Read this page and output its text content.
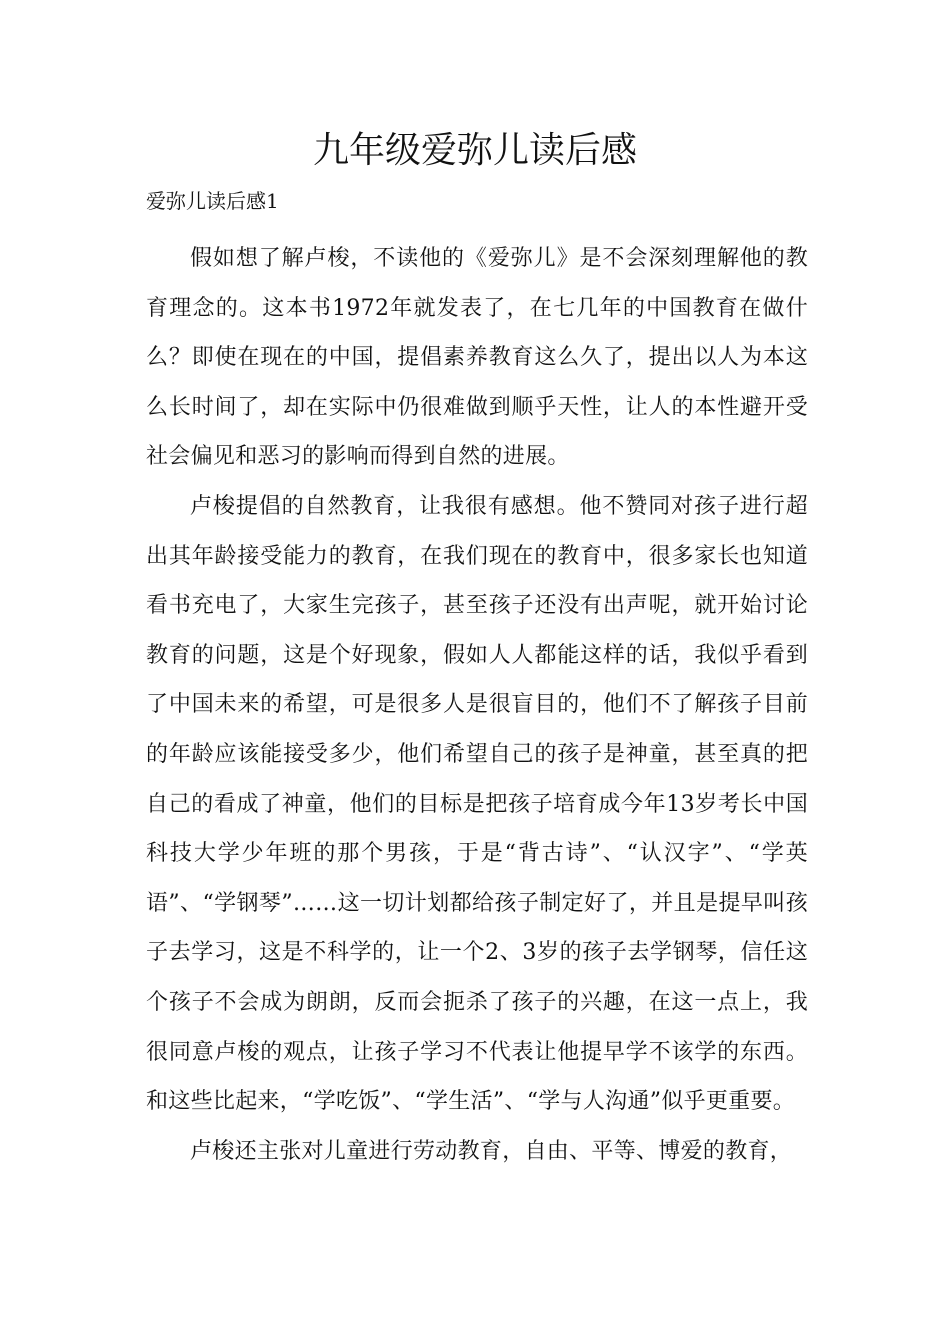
九年级爱弥儿读后感

爱弥儿读后感1

假如想了解卢梭，不读他的《爱弥儿》是不会深刻理解他的教育理念的。这本书1972年就发表了，在七几年的中国教育在做什么？即使在现在的中国，提倡素养教育这么久了，提出以人为本这么长时间了，却在实际中仍很难做到顺乎天性，让人的本性避开受社会偏见和恶习的影响而得到自然的进展。

卢梭提倡的自然教育，让我很有感想。他不赞同对孩子进行超出其年龄接受能力的教育，在我们现在的教育中，很多家长也知道看书充电了，大家生完孩子，甚至孩子还没有出声呢，就开始讨论教育的问题，这是个好现象，假如人人都能这样的话，我似乎看到了中国未来的希望，可是很多人是很盲目的，他们不了解孩子目前的年龄应该能接受多少，他们希望自己的孩子是神童，甚至真的把自己的看成了神童，他们的目标是把孩子培育成今年13岁考长中国科技大学少年班的那个男孩，于是“背古诗”、“认汉字”、“学英语”、“学钢琴”……这一切计划都给孩子制定好了，并且是提早叫孩子去学习，这是不科学的，让一个2、3岁的孩子去学钢琴，信任这个孩子不会成为朗朗，反而会扼杀了孩子的兴趣，在这一点上，我很同意卢梭的观点，让孩子学习不代表让他提早学不该学的东西。和这些比起来，“学吃饭”、“学生活”、“学与人沟通”似乎更重要。

卢梭还主张对儿童进行劳动教育，自由、平等、博爱的教育，
